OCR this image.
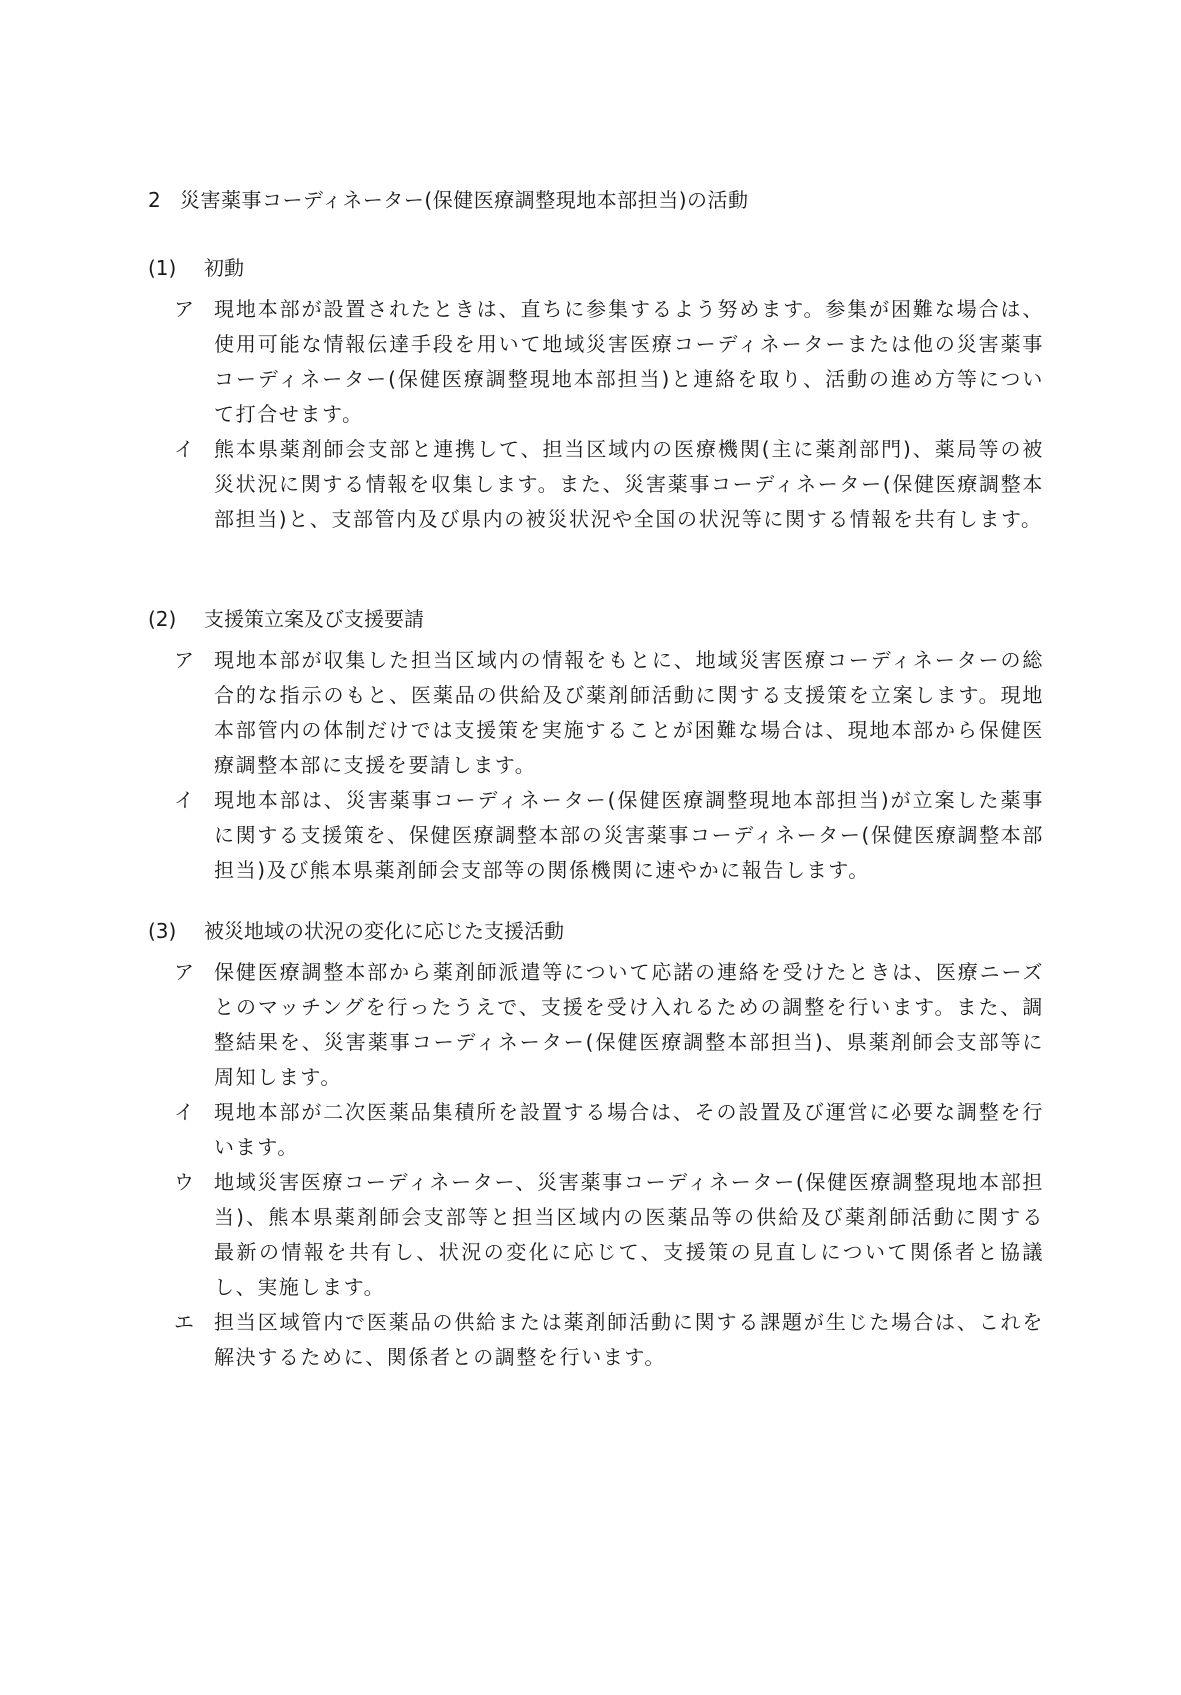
2 災害薬事コーディネーター(保健医療調整現地本部担当)の活動
(1) 初動
ア 現地本部が設置されたときは、直ちに参集するよう努めます。参集が困難な場合は、使用可能な情報伝達手段を用いて地域災害医療コーディネーターまたは他の災害薬事コーディネーター(保健医療調整現地本部担当)と連絡を取り、活動の進め方等について打合せます。
イ 熊本県薬剤師会支部と連携して、担当区域内の医療機関(主に薬剤部門)、薬局等の被災状況に関する情報を収集します。また、災害薬事コーディネーター(保健医療調整本部担当)と、支部管内及び県内の被災状況や全国の状況等に関する情報を共有します。
(2) 支援策立案及び支援要請
ア 現地本部が収集した担当区域内の情報をもとに、地域災害医療コーディネーターの総合的な指示のもと、医薬品の供給及び薬剤師活動に関する支援策を立案します。現地本部管内の体制だけでは支援策を実施することが困難な場合は、現地本部から保健医療調整本部に支援を要請します。
イ 現地本部は、災害薬事コーディネーター(保健医療調整現地本部担当)が立案した薬事に関する支援策を、保健医療調整本部の災害薬事コーディネーター(保健医療調整本部担当)及び熊本県薬剤師会支部等の関係機関に速やかに報告します。
(3) 被災地域の状況の変化に応じた支援活動
ア 保健医療調整本部から薬剤師派遣等について応諾の連絡を受けたときは、医療ニーズとのマッチングを行ったうえで、支援を受け入れるための調整を行います。また、調整結果を、災害薬事コーディネーター(保健医療調整本部担当)、県薬剤師会支部等に周知します。
イ 現地本部が二次医薬品集積所を設置する場合は、その設置及び運営に必要な調整を行います。
ウ 地域災害医療コーディネーター、災害薬事コーディネーター(保健医療調整現地本部担当)、熊本県薬剤師会支部等と担当区域内の医薬品等の供給及び薬剤師活動に関する最新の情報を共有し、状況の変化に応じて、支援策の見直しについて関係者と協議し、実施します。
エ 担当区域管内で医薬品の供給または薬剤師活動に関する課題が生じた場合は、これを解決するために、関係者との調整を行います。
